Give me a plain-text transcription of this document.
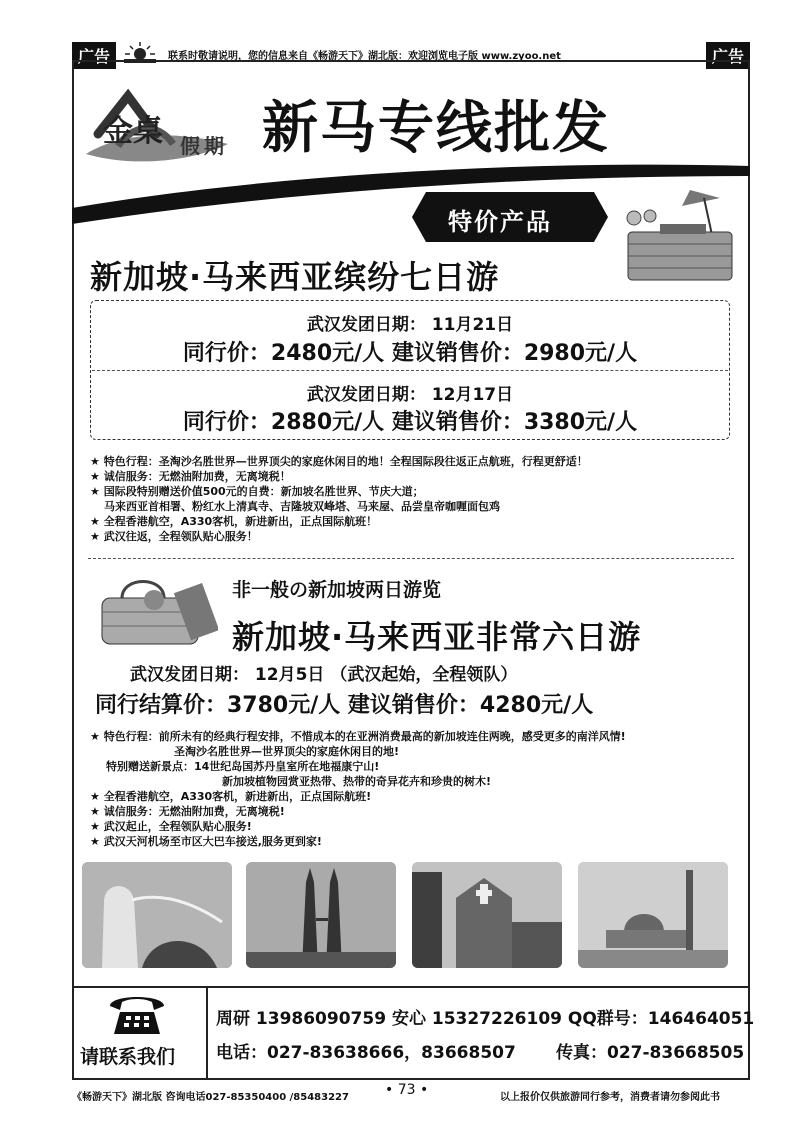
广告	联系时敬请说明，您的信息来自《畅游天下》湖北版：欢迎浏览电子版 www.zyoo.net	广告
金桌 假期 新马专线批发
特价产品
新加坡·马来西亚缤纷七日游
武汉发团日期： 11月21日
同行价：2480元/人 建议销售价：2980元/人
武汉发团日期： 12月17日
同行价：2880元/人 建议销售价：3380元/人
★ 特色行程：圣淘沙名胜世界—世界顶尖的家庭休闲目的地！全程国际段往返正点航班，行程更舒适！
★ 诚信服务：无燃油附加费，无离境税！
★ 国际段特别赠送价值500元的自费：新加坡名胜世界、节庆大道；
马来西亚首相署、粉红水上清真寺、吉隆坡双峰塔、马来屋、品尝皇帝咖喱面包鸡
★ 全程香港航空，A330客机，新进新出，正点国际航班！
★ 武汉往返，全程领队贴心服务！
非一般の新加坡两日游览
新加坡·马来西亚非常六日游
武汉发团日期： 12月5日 （武汉起始，全程领队）
同行结算价：3780元/人 建议销售价：4280元/人
★ 特色行程：前所未有的经典行程安排，不惜成本的在亚洲消费最高的新加坡连住两晚，感受更多的南洋风情!
圣淘沙名胜世界—世界顶尖的家庭休闲目的地!
特别赠送新景点：14世纪岛国苏丹皇室所在地福康宁山!
新加坡植物园赏亚热带、热带的奇异花卉和珍贵的树木!
★ 全程香港航空，A330客机，新进新出，正点国际航班!
★ 诚信服务：无燃油附加费，无离境税!
★ 武汉起止，全程领队贴心服务!
★ 武汉天河机场至市区大巴车接送,服务更到家!
请联系我们
周研 13986090759 安心 15327226109 QQ群号：146464051
电话：027-83638666，83668507 传真：027-83668505
《畅游天下》湖北版 咨询电话027-85350400 /85483227	• 73 •	以上报价仅供旅游同行参考，消费者请勿参阅此书
